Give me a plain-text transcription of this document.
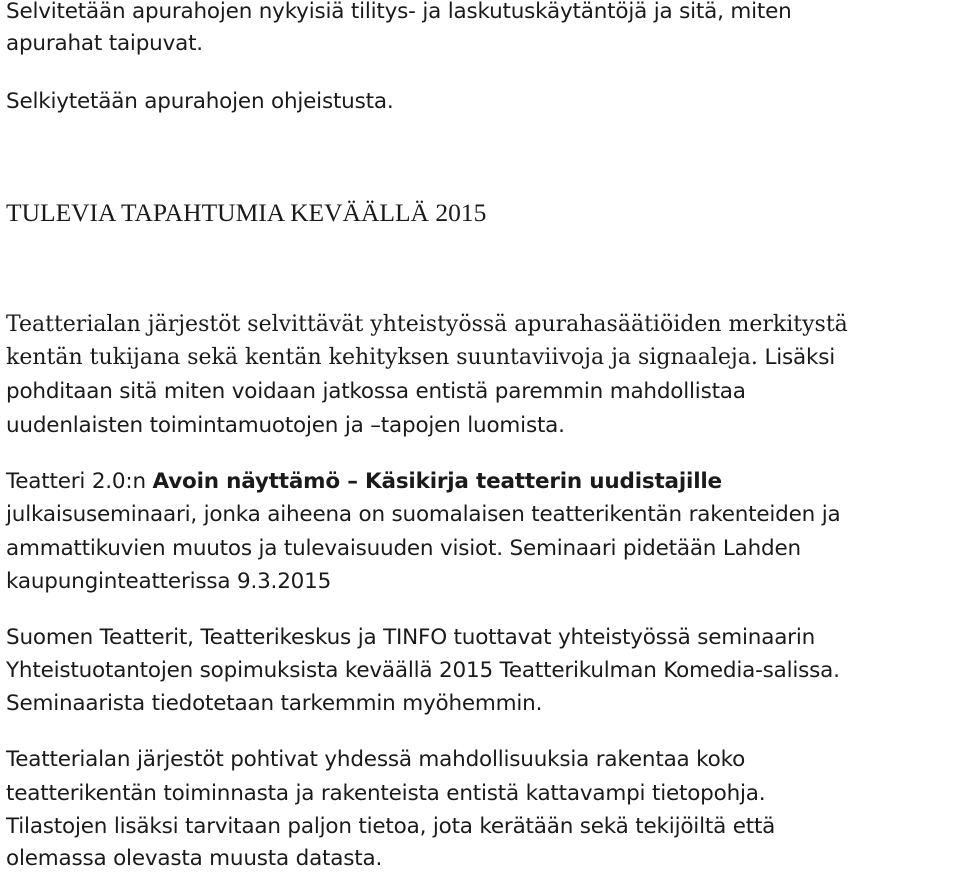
Selvitetään apurahojen nykyisiä tilitys- ja laskutuskäytäntöjä ja sitä, miten
apurahat taipuvat.
Selkiytetään apurahojen ohjeistusta.
TULEVIA TAPAHTUMIA KEVÄÄLLÄ 2015
Teatterialan järjestöt selvittävät yhteistyössä apurahasäätiöiden merkitystä
kentän tukijana sekä kentän kehityksen suuntaviivoja ja signaaleja. Lisäksi
pohditaan sitä miten voidaan jatkossa entistä paremmin mahdollistaa
uudenlaisten toimintamuotojen ja –tapojen luomista.
Teatteri 2.0:n Avoin näyttämö – Käsikirja teatterin uudistajille
julkaisuseminaari, jonka aiheena on suomalaisen teatterikentän rakenteiden ja
ammattikuvien muutos ja tulevaisuuden visiot. Seminaari pidetään Lahden
kaupunginteatterissa 9.3.2015
Suomen Teatterit, Teatterikeskus ja TINFO tuottavat yhteistyössä seminaarin
Yhteistuotantojen sopimuksista keväällä 2015 Teatterikulman Komedia-salissa.
Seminaarista tiedotetaan tarkemmin myöhemmin.
Teatterialan järjestöt pohtivat yhdessä mahdollisuuksia rakentaa koko
teatterikentän toiminnasta ja rakenteista entistä kattavampi tietopohja.
Tilastojen lisäksi tarvitaan paljon tietoa, jota kerätään sekä tekijöiltä että
olemassa olevasta muusta datasta.
